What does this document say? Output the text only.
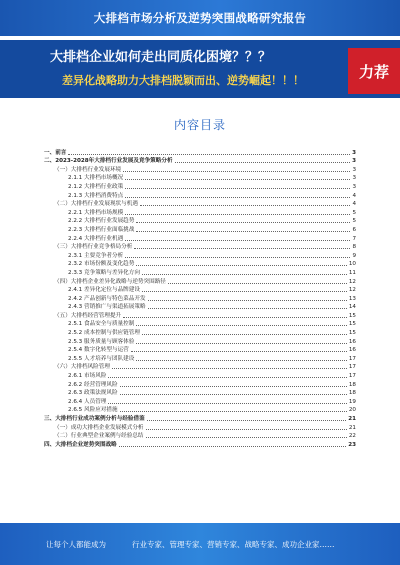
大排档市场分析及逆势突围战略研究报告
大排档企业如何走出同质化困境？？？
差异化战略助力大排档脱颖而出、逆势崛起！！！	力荐
内容目录
一、前言	3
二、2023-2028年大排档行业发展及竞争策略分析	3
（一）大排档行业发展环境	3
2.1.1 大排档市场概况	3
2.1.2 大排档行业政策	3
2.1.3 大排档消费特点	4
（二）大排档行业发展现状与机遇	4
2.2.1 大排档市场规模	5
2.2.2 大排档行业发展趋势	5
2.2.3 大排档行业面临挑战	6
2.2.4 大排档行业机遇	7
（三）大排档行业竞争格局分析	8
2.3.1 主要竞争者分析	9
2.3.2 市场份额及变化趋势	10
2.3.3 竞争策略与差异化方向	11
（四）大排档企业差异化战略与逆势突围路径	12
2.4.1 差异化定位与品牌建设	12
2.4.2 产品创新与特色菜品开发	13
2.4.3 营销推广与渠道拓展策略	14
（五）大排档经营管理提升	15
2.5.1 食品安全与质量控制	15
2.5.2 成本控制与供应链管理	15
2.5.3 服务质量与顾客体验	16
2.5.4 数字化转型与运营	16
2.5.5 人才培养与团队建设	17
（六）大排档风险管理	17
2.6.1 市场风险	17
2.6.2 经营管理风险	18
2.6.3 政策法规风险	18
2.6.4 人员管理	19
2.6.5 风险应对措施	20
三、大排档行业成功案例分析与经验借鉴	21
（一）成功大排档企业发展模式分析	21
（二）行业典型企业案例与经验总结	22
四、大排档企业逆势突围战略	23
让每个人都能成为	行业专家、管理专家、营销专家、战略专家、成功企业家……
